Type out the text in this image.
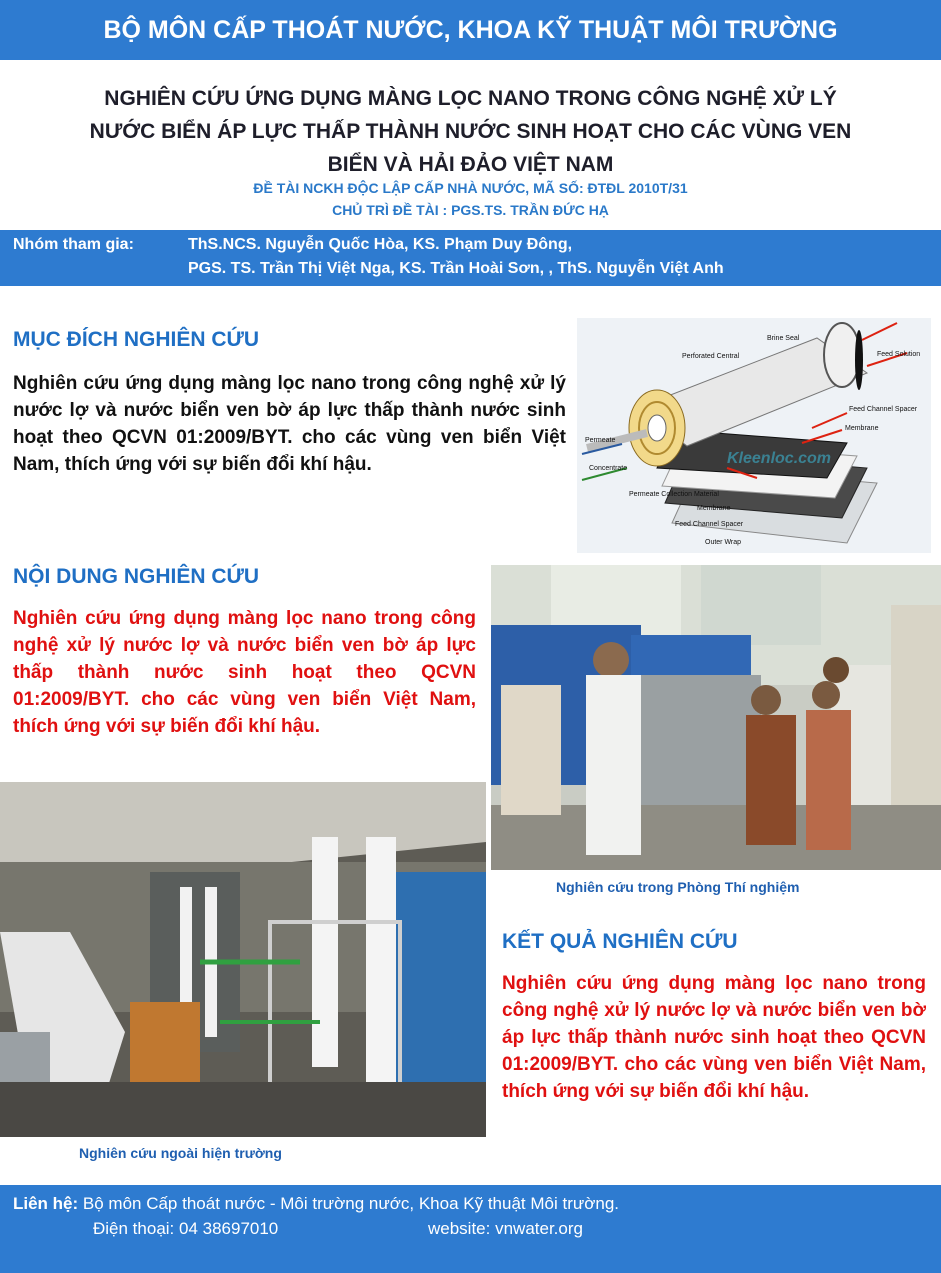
BỘ MÔN CẤP THOÁT NƯỚC, KHOA KỸ THUẬT MÔI TRƯỜNG
NGHIÊN CỨU ỨNG DỤNG MÀNG LỌC NANO TRONG CÔNG NGHỆ XỬ LÝ
NƯỚC BIỂN ÁP LỰC THẤP THÀNH NƯỚC SINH HOẠT CHO CÁC VÙNG VEN
BIỂN VÀ HẢI ĐẢO VIỆT NAM
ĐỀ TÀI NCKH ĐỘC LẬP CẤP NHÀ NƯỚC, MÃ SỐ: ĐTĐL 2010T/31
CHỦ TRÌ ĐỀ TÀI : PGS.TS. TRẦN ĐỨC HẠ
Nhóm tham gia:	ThS.NCS. Nguyễn Quốc Hòa, KS. Phạm Duy Đông,
PGS. TS. Trần Thị Việt Nga, KS. Trần Hoài Sơn, , ThS. Nguyễn Việt Anh
MỤC ĐÍCH NGHIÊN CỨU
Nghiên cứu ứng dụng màng lọc nano trong công nghệ xử lý nước lợ và nước biển ven bờ áp lực thấp thành nước sinh hoạt theo QCVN 01:2009/BYT. cho các vùng ven biển Việt Nam, thích ứng với sự biến đổi khí hậu.
Brine Seal
Perforated Central	Feed Solution
Permeate
Concentrate
Feed Channel Spacer
Membrane
Permeate Collection Material
Membrane
Feed Channel Spacer
Outer Wrap
Kleenloc.com
NỘI DUNG NGHIÊN CỨU
Nghiên cứu ứng dụng màng lọc nano trong công nghệ xử lý nước lợ và nước biển ven bờ áp lực thấp thành nước sinh hoạt theo QCVN 01:2009/BYT. cho các vùng ven biển Việt Nam, thích ứng với sự biến đổi khí hậu.
Nghiên cứu trong Phòng Thí nghiệm
Nghiên cứu ngoài hiện trường
KẾT QUẢ NGHIÊN CỨU
Nghiên cứu ứng dụng màng lọc nano trong công nghệ xử lý nước lợ và nước biển ven bờ áp lực thấp thành nước sinh hoạt theo QCVN 01:2009/BYT. cho các vùng ven biển Việt Nam, thích ứng với sự biến đổi khí hậu.
Liên hệ: Bộ môn Cấp thoát nước - Môi trường nước, Khoa Kỹ thuật Môi trường.
Điện thoại: 04 38697010	website: vnwater.org
